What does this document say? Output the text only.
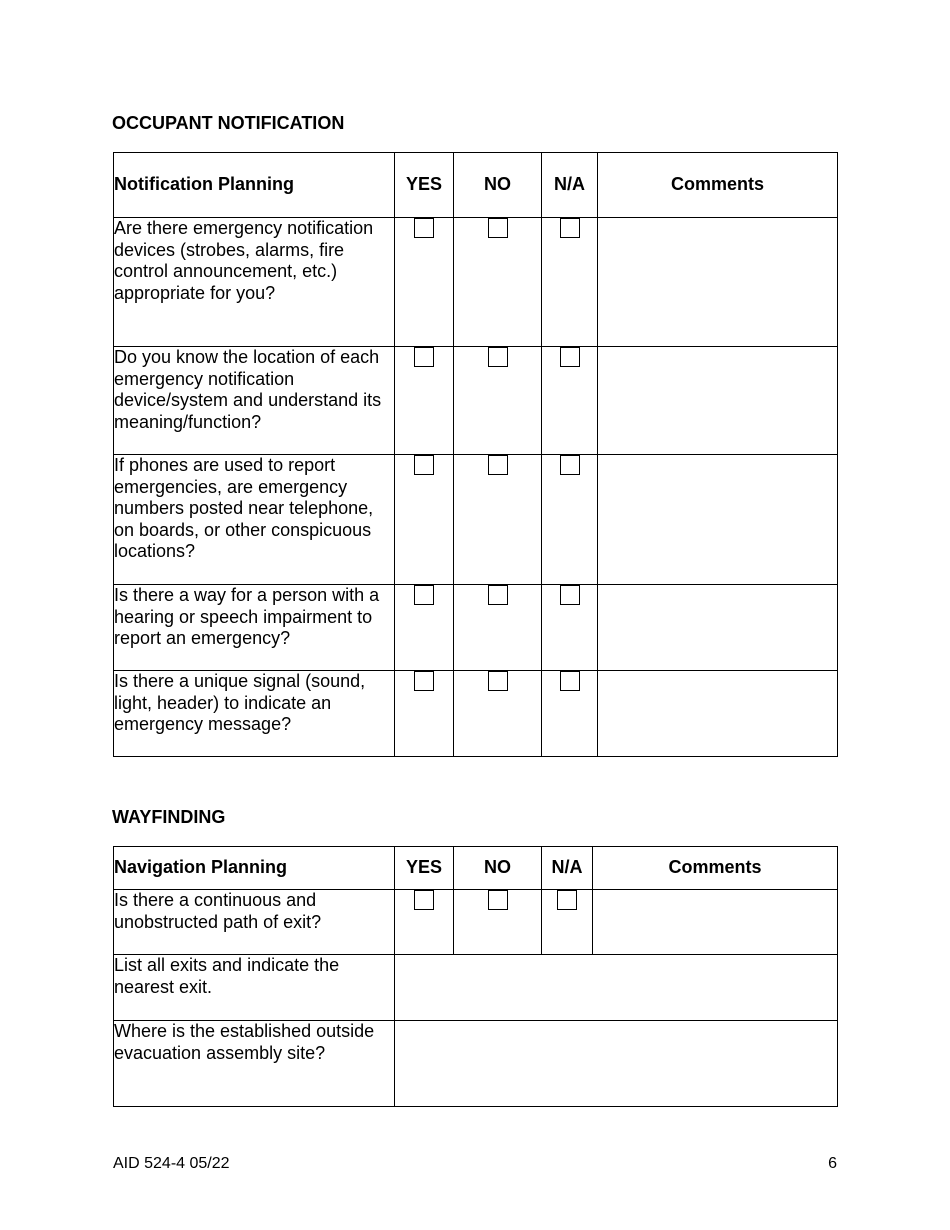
OCCUPANT NOTIFICATION
Notification Planning	YES	NO	N/A	Comments
Are there emergency notification devices (strobes, alarms, fire control announcement, etc.) appropriate for you?				
Do you know the location of each emergency notification device/system and understand its meaning/function?				
If phones are used to report emergencies, are emergency numbers posted near telephone, on boards, or other conspicuous locations?				
Is there a way for a person with a hearing or speech impairment to report an emergency?				
Is there a unique signal (sound, light, header) to indicate an emergency message?				
WAYFINDING
Navigation Planning	YES	NO	N/A	Comments
Is there a continuous and unobstructed path of exit?				
List all exits and indicate the nearest exit.				
Where is the established outside evacuation assembly site?				
AID 524-4 05/22	6
